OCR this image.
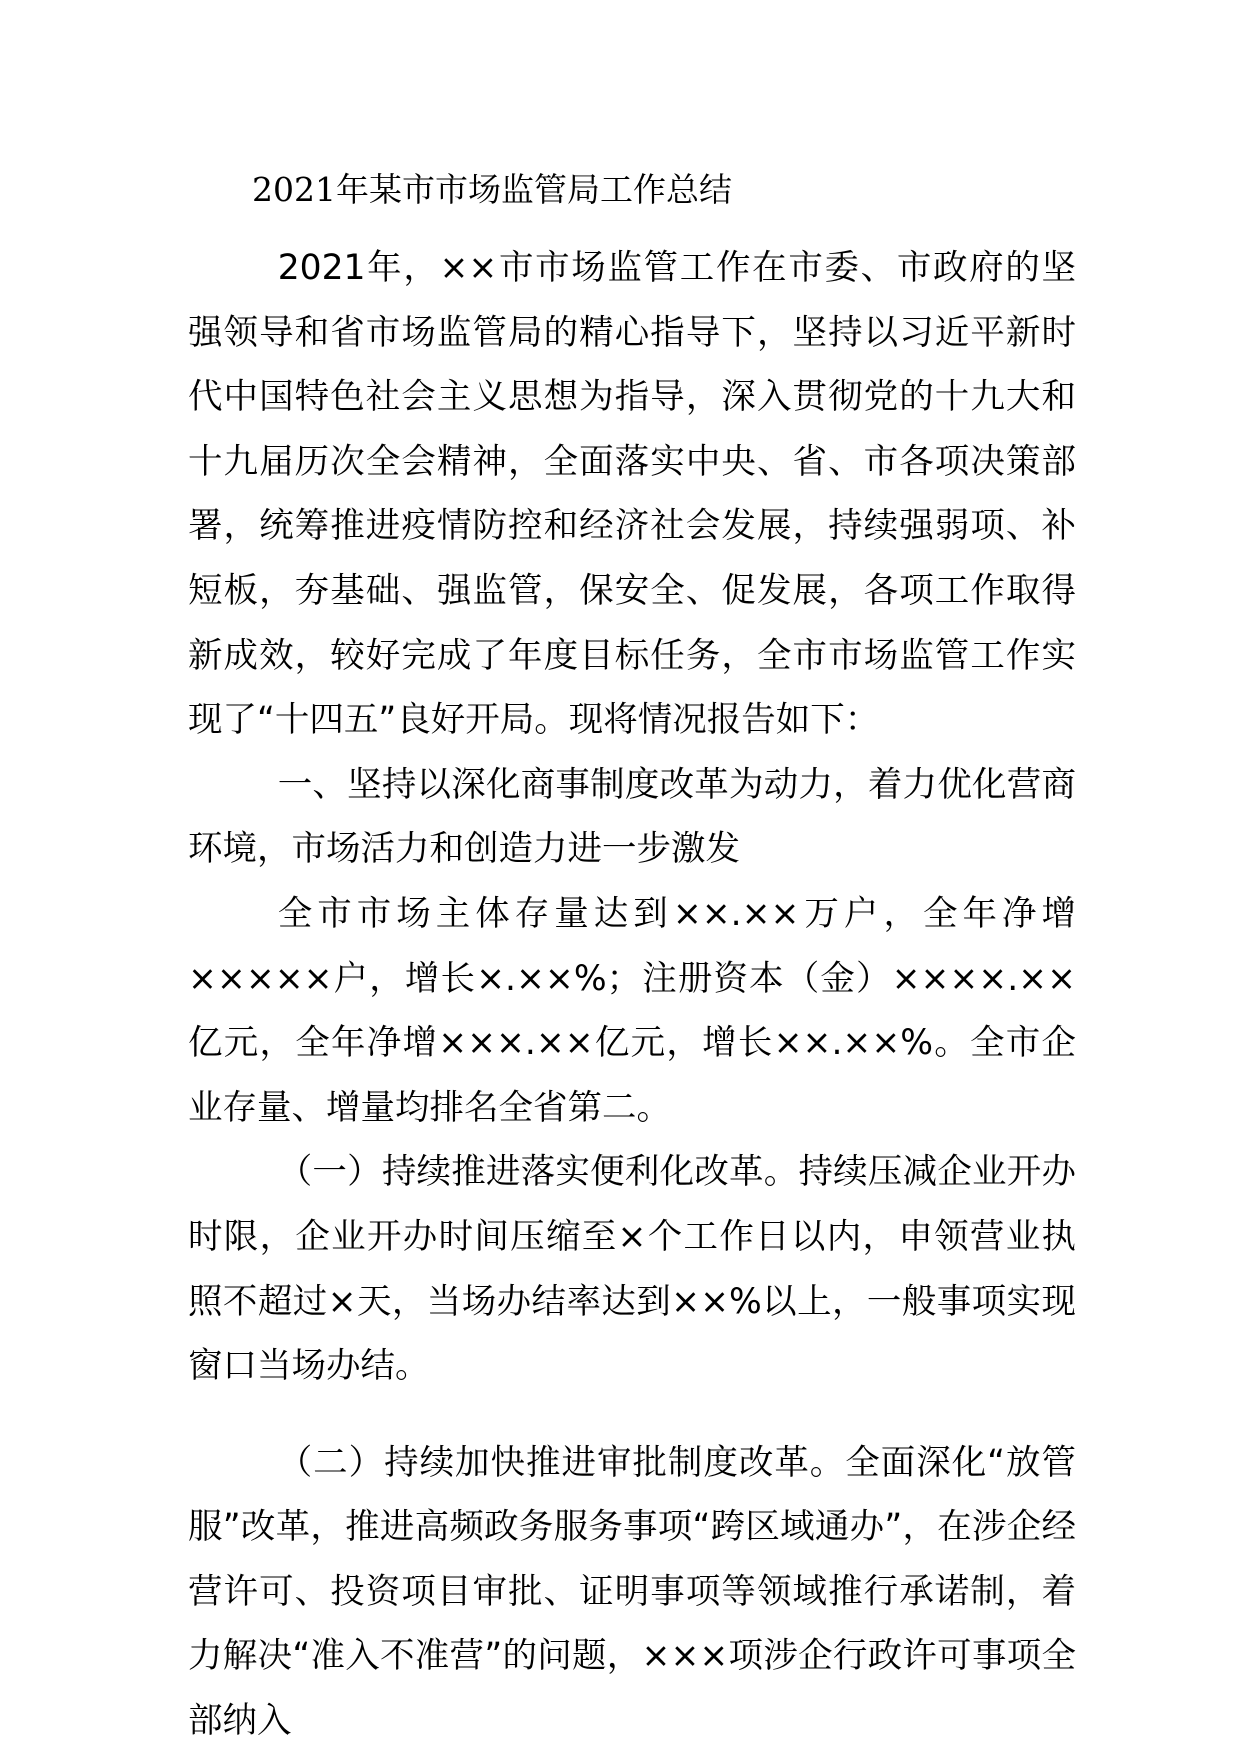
2021年某市市场监管局工作总结

2021年，××市市场监管工作在市委、市政府的坚强领导和省市场监管局的精心指导下，坚持以习近平新时代中国特色社会主义思想为指导，深入贯彻党的十九大和十九届历次全会精神，全面落实中央、省、市各项决策部署，统筹推进疫情防控和经济社会发展，持续强弱项、补短板，夯基础、强监管，保安全、促发展，各项工作取得新成效，较好完成了年度目标任务，全市市场监管工作实现了“十四五”良好开局。现将情况报告如下：

一、坚持以深化商事制度改革为动力，着力优化营商环境，市场活力和创造力进一步激发

全市市场主体存量达到××.××万户，全年净增×××××户，增长×.××%；注册资本（金）××××.××亿元，全年净增×××.××亿元，增长××.××%。全市企业存量、增量均排名全省第二。

（一）持续推进落实便利化改革。持续压减企业开办时限，企业开办时间压缩至×个工作日以内，申领营业执照不超过×天，当场办结率达到××%以上，一般事项实现窗口当场办结。

（二）持续加快推进审批制度改革。全面深化“放管服”改革，推进高频政务服务事项“跨区域通办”，在涉企经营许可、投资项目审批、证明事项等领域推行承诺制，着力解决“准入不准营”的问题，×××项涉企行政许可事项全部纳入
